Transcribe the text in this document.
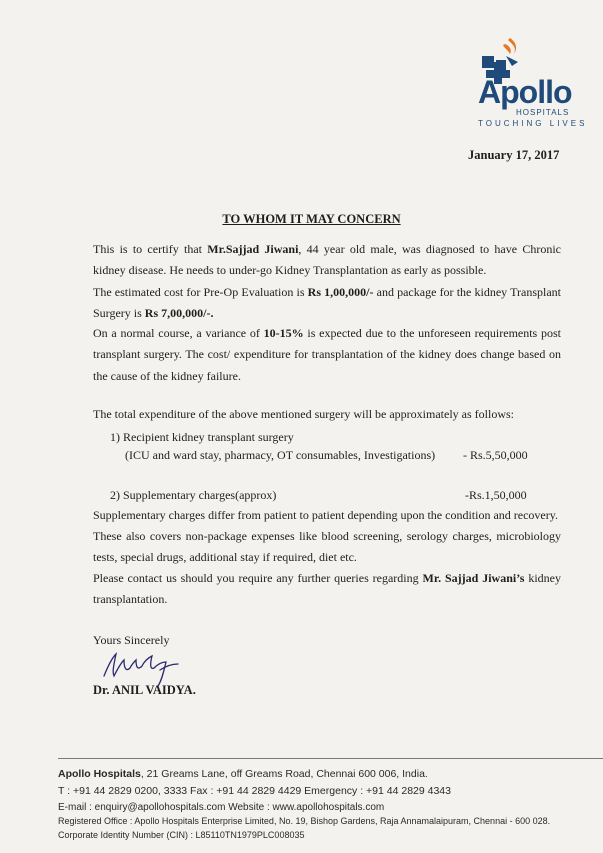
Apollo
HOSPITALS
TOUCHING LIVES
January 17, 2017
TO WHOM IT MAY CONCERN
This is to certify that Mr.Sajjad Jiwani, 44 year old male, was diagnosed to have Chronic kidney disease. He needs to under-go Kidney Transplantation as early as possible.
The estimated cost for Pre-Op Evaluation is Rs 1,00,000/- and package for the kidney Transplant Surgery is Rs 7,00,000/-.
On a normal course, a variance of 10-15% is expected due to the unforeseen requirements post transplant surgery. The cost/ expenditure for transplantation of the kidney does change based on the cause of the kidney failure.
The total expenditure of the above mentioned surgery will be approximately as follows:
1) Recipient kidney transplant surgery
(ICU and ward stay, pharmacy, OT consumables, Investigations) - Rs.5,50,000
2) Supplementary charges(approx)	-Rs.1,50,000
Supplementary charges differ from patient to patient depending upon the condition and recovery.
These also covers non-package expenses like blood screening, serology charges, microbiology tests, special drugs, additional stay if required, diet etc.
Please contact us should you require any further queries regarding Mr. Sajjad Jiwani’s kidney transplantation.
Yours Sincerely
Dr. ANIL VAIDYA.
Apollo Hospitals, 21 Greams Lane, off Greams Road, Chennai 600 006, India.
T : +91 44 2829 0200, 3333 Fax : +91 44 2829 4429 Emergency : +91 44 2829 4343
E-mail : enquiry@apollohospitals.com Website : www.apollohospitals.com
Registered Office : Apollo Hospitals Enterprise Limited, No. 19, Bishop Gardens, Raja Annamalaipuram, Chennai - 600 028.
Corporate Identity Number (CIN) : L85110TN1979PLC008035
